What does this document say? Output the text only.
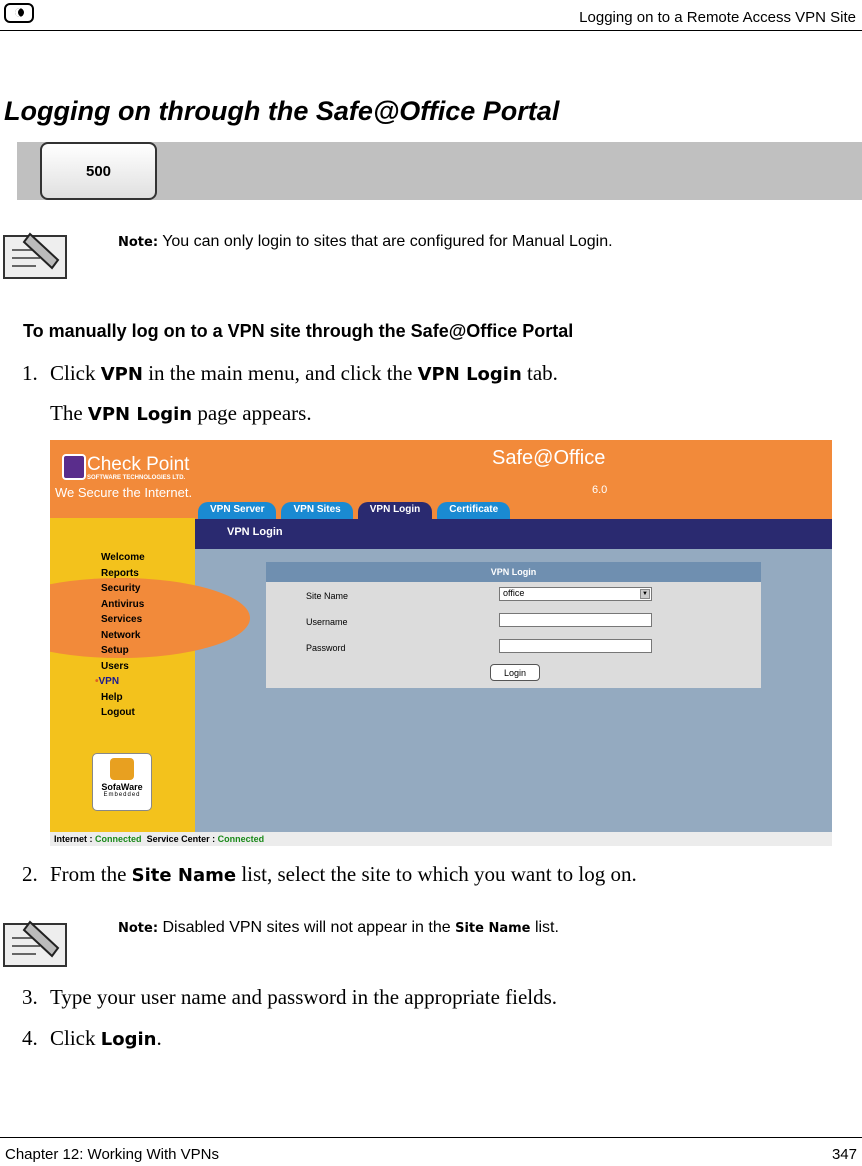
Logging on to a Remote Access VPN Site
Logging on through the Safe@Office Portal
500
Note: You can only login to sites that are configured for Manual Login.
To manually log on to a VPN site through the Safe@Office Portal
1. Click VPN in the main menu, and click the VPN Login tab.
The VPN Login page appears.
Check Point
SOFTWARE TECHNOLOGIES LTD.
We Secure the Internet.
Safe@Office
6.0
VPN Server	VPN Sites	VPN Login	Certificate
VPN Login
Welcome
Reports
Security
Antivirus
Services
Network
Setup
Users
• VPN
Help
Logout
SofaWare
Embedded
VPN Login
Site Name	office	▼
Username
Password
Login
Internet : Connected Service Center : Connected
2. From the Site Name list, select the site to which you want to log on.
Note: Disabled VPN sites will not appear in the Site Name list.
3. Type your user name and password in the appropriate fields.
4. Click Login.
Chapter 12: Working With VPNs	347
